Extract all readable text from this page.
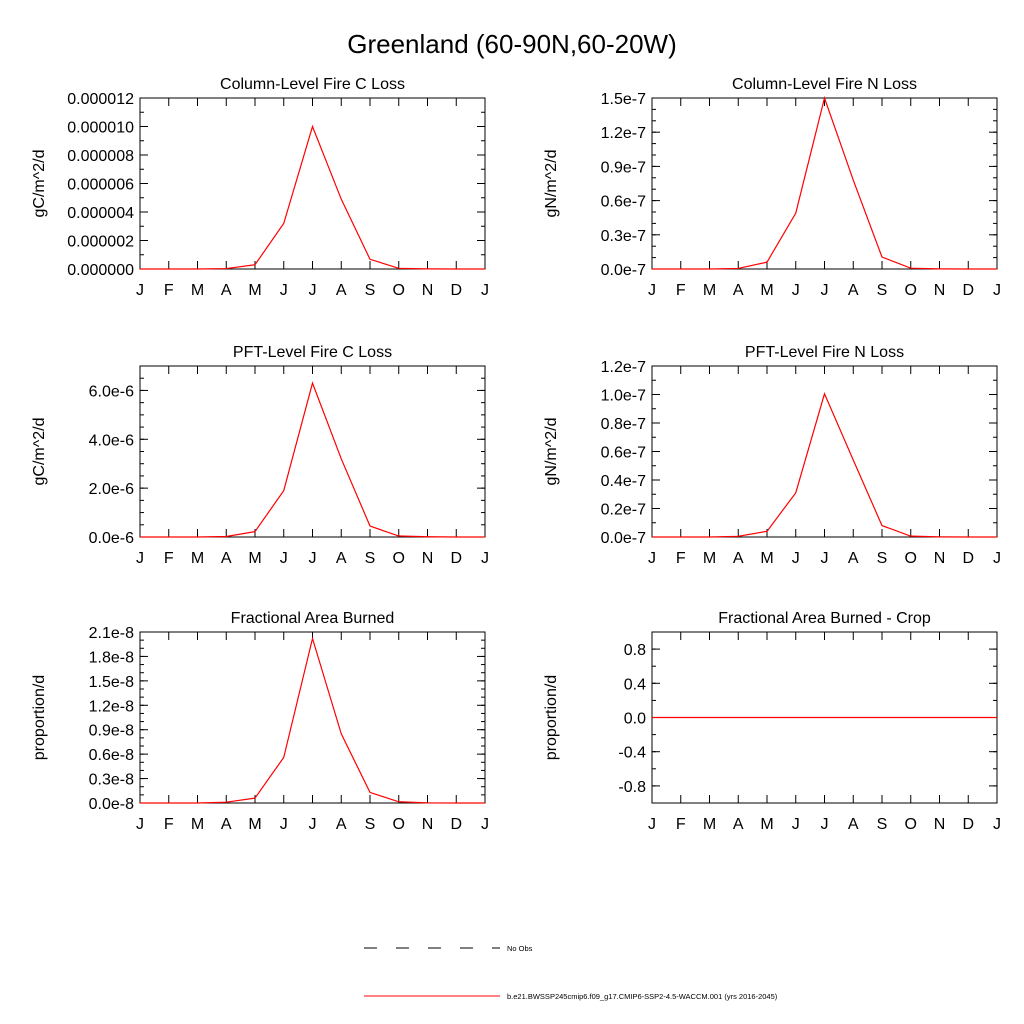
Greenland (60-90N,60-20W)
Column-Level Fire C Loss
gC/m^2/d
0.000000
0.000002
0.000004
0.000006
0.000008
0.000010
0.000012
J F M A M J J A S O N D J
Column-Level Fire N Loss
gN/m^2/d
0.0e-7
0.3e-7
0.6e-7
0.9e-7
1.2e-7
1.5e-7
J F M A M J J A S O N D J
PFT-Level Fire C Loss
gC/m^2/d
0.0e-6
2.0e-6
4.0e-6
6.0e-6
J F M A M J J A S O N D J
PFT-Level Fire N Loss
gN/m^2/d
0.0e-7
0.2e-7
0.4e-7
0.6e-7
0.8e-7
1.0e-7
1.2e-7
J F M A M J J A S O N D J
Fractional Area Burned
proportion/d
0.0e-8
0.3e-8
0.6e-8
0.9e-8
1.2e-8
1.5e-8
1.8e-8
2.1e-8
J F M A M J J A S O N D J
Fractional Area Burned - Crop
proportion/d
-0.8
-0.4
0.0
0.4
0.8
J F M A M J J A S O N D J
No Obs
b.e21.BWSSP245cmip6.f09_g17.CMIP6-SSP2-4.5-WACCM.001 (yrs 2016-2045)
